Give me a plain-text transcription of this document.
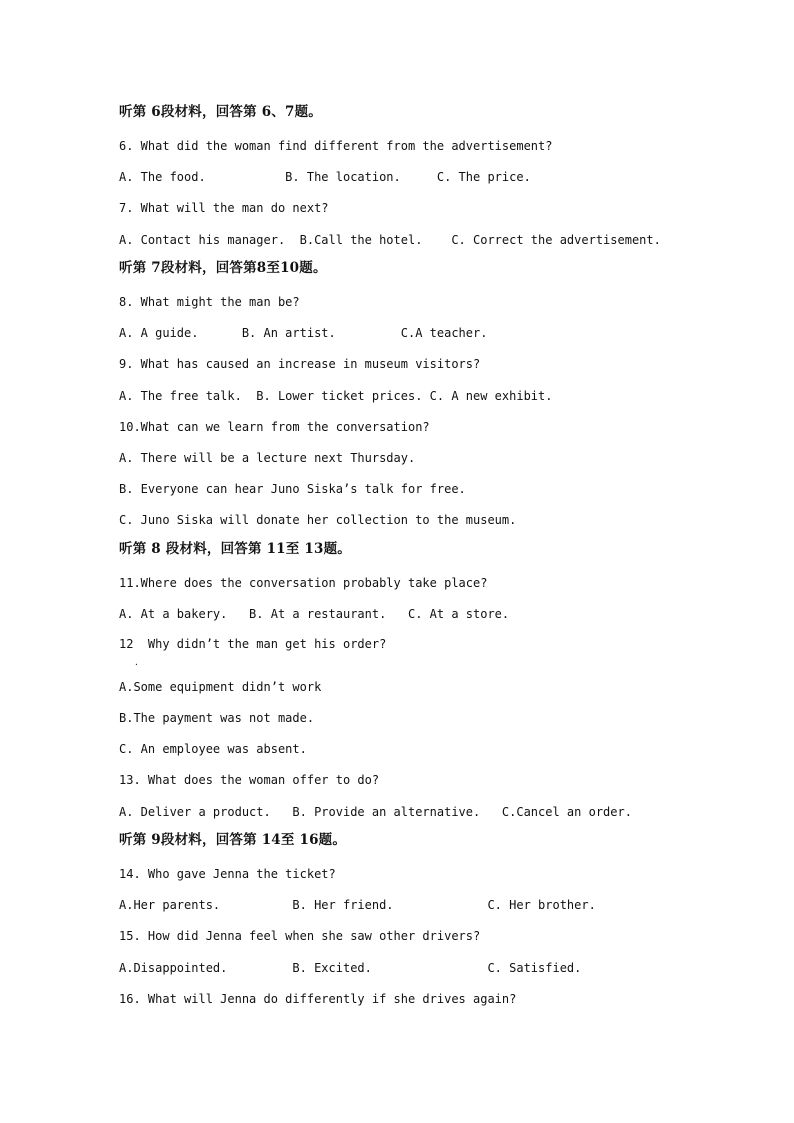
听第 6段材料，回答第 6、7题。
6. What did the woman find different from the advertisement?
A. The food.           B. The location.     C. The price.
7. What will the man do next?
A. Contact his manager.  B.Call the hotel.    C. Correct the advertisement.
听第 7段材料，回答第8至10题。
8. What might the man be?
A. A guide.      B. An artist.         C.A teacher.
9. What has caused an increase in museum visitors?
A. The free talk.  B. Lower ticket prices. C. A new exhibit.
10.What can we learn from the conversation?
A. There will be a lecture next Thursday.
B. Everyone can hear Juno Siska’s talk for free.
C. Juno Siska will donate her collection to the museum.
听第 8 段材料，回答第 11至 13题。
11.Where does the conversation probably take place?
A. At a bakery.   B. At a restaurant.   C. At a store.
12  Why didn’t the man get his order?
.
A.Some equipment didn’t work
B.The payment was not made.
C. An employee was absent.
13. What does the woman offer to do?
A. Deliver a product.   B. Provide an alternative.   C.Cancel an order.
听第 9段材料，回答第 14至 16题。
14. Who gave Jenna the ticket?
A.Her parents.          B. Her friend.             C. Her brother.
15. How did Jenna feel when she saw other drivers?
A.Disappointed.         B. Excited.                C. Satisfied.
16. What will Jenna do differently if she drives again?
